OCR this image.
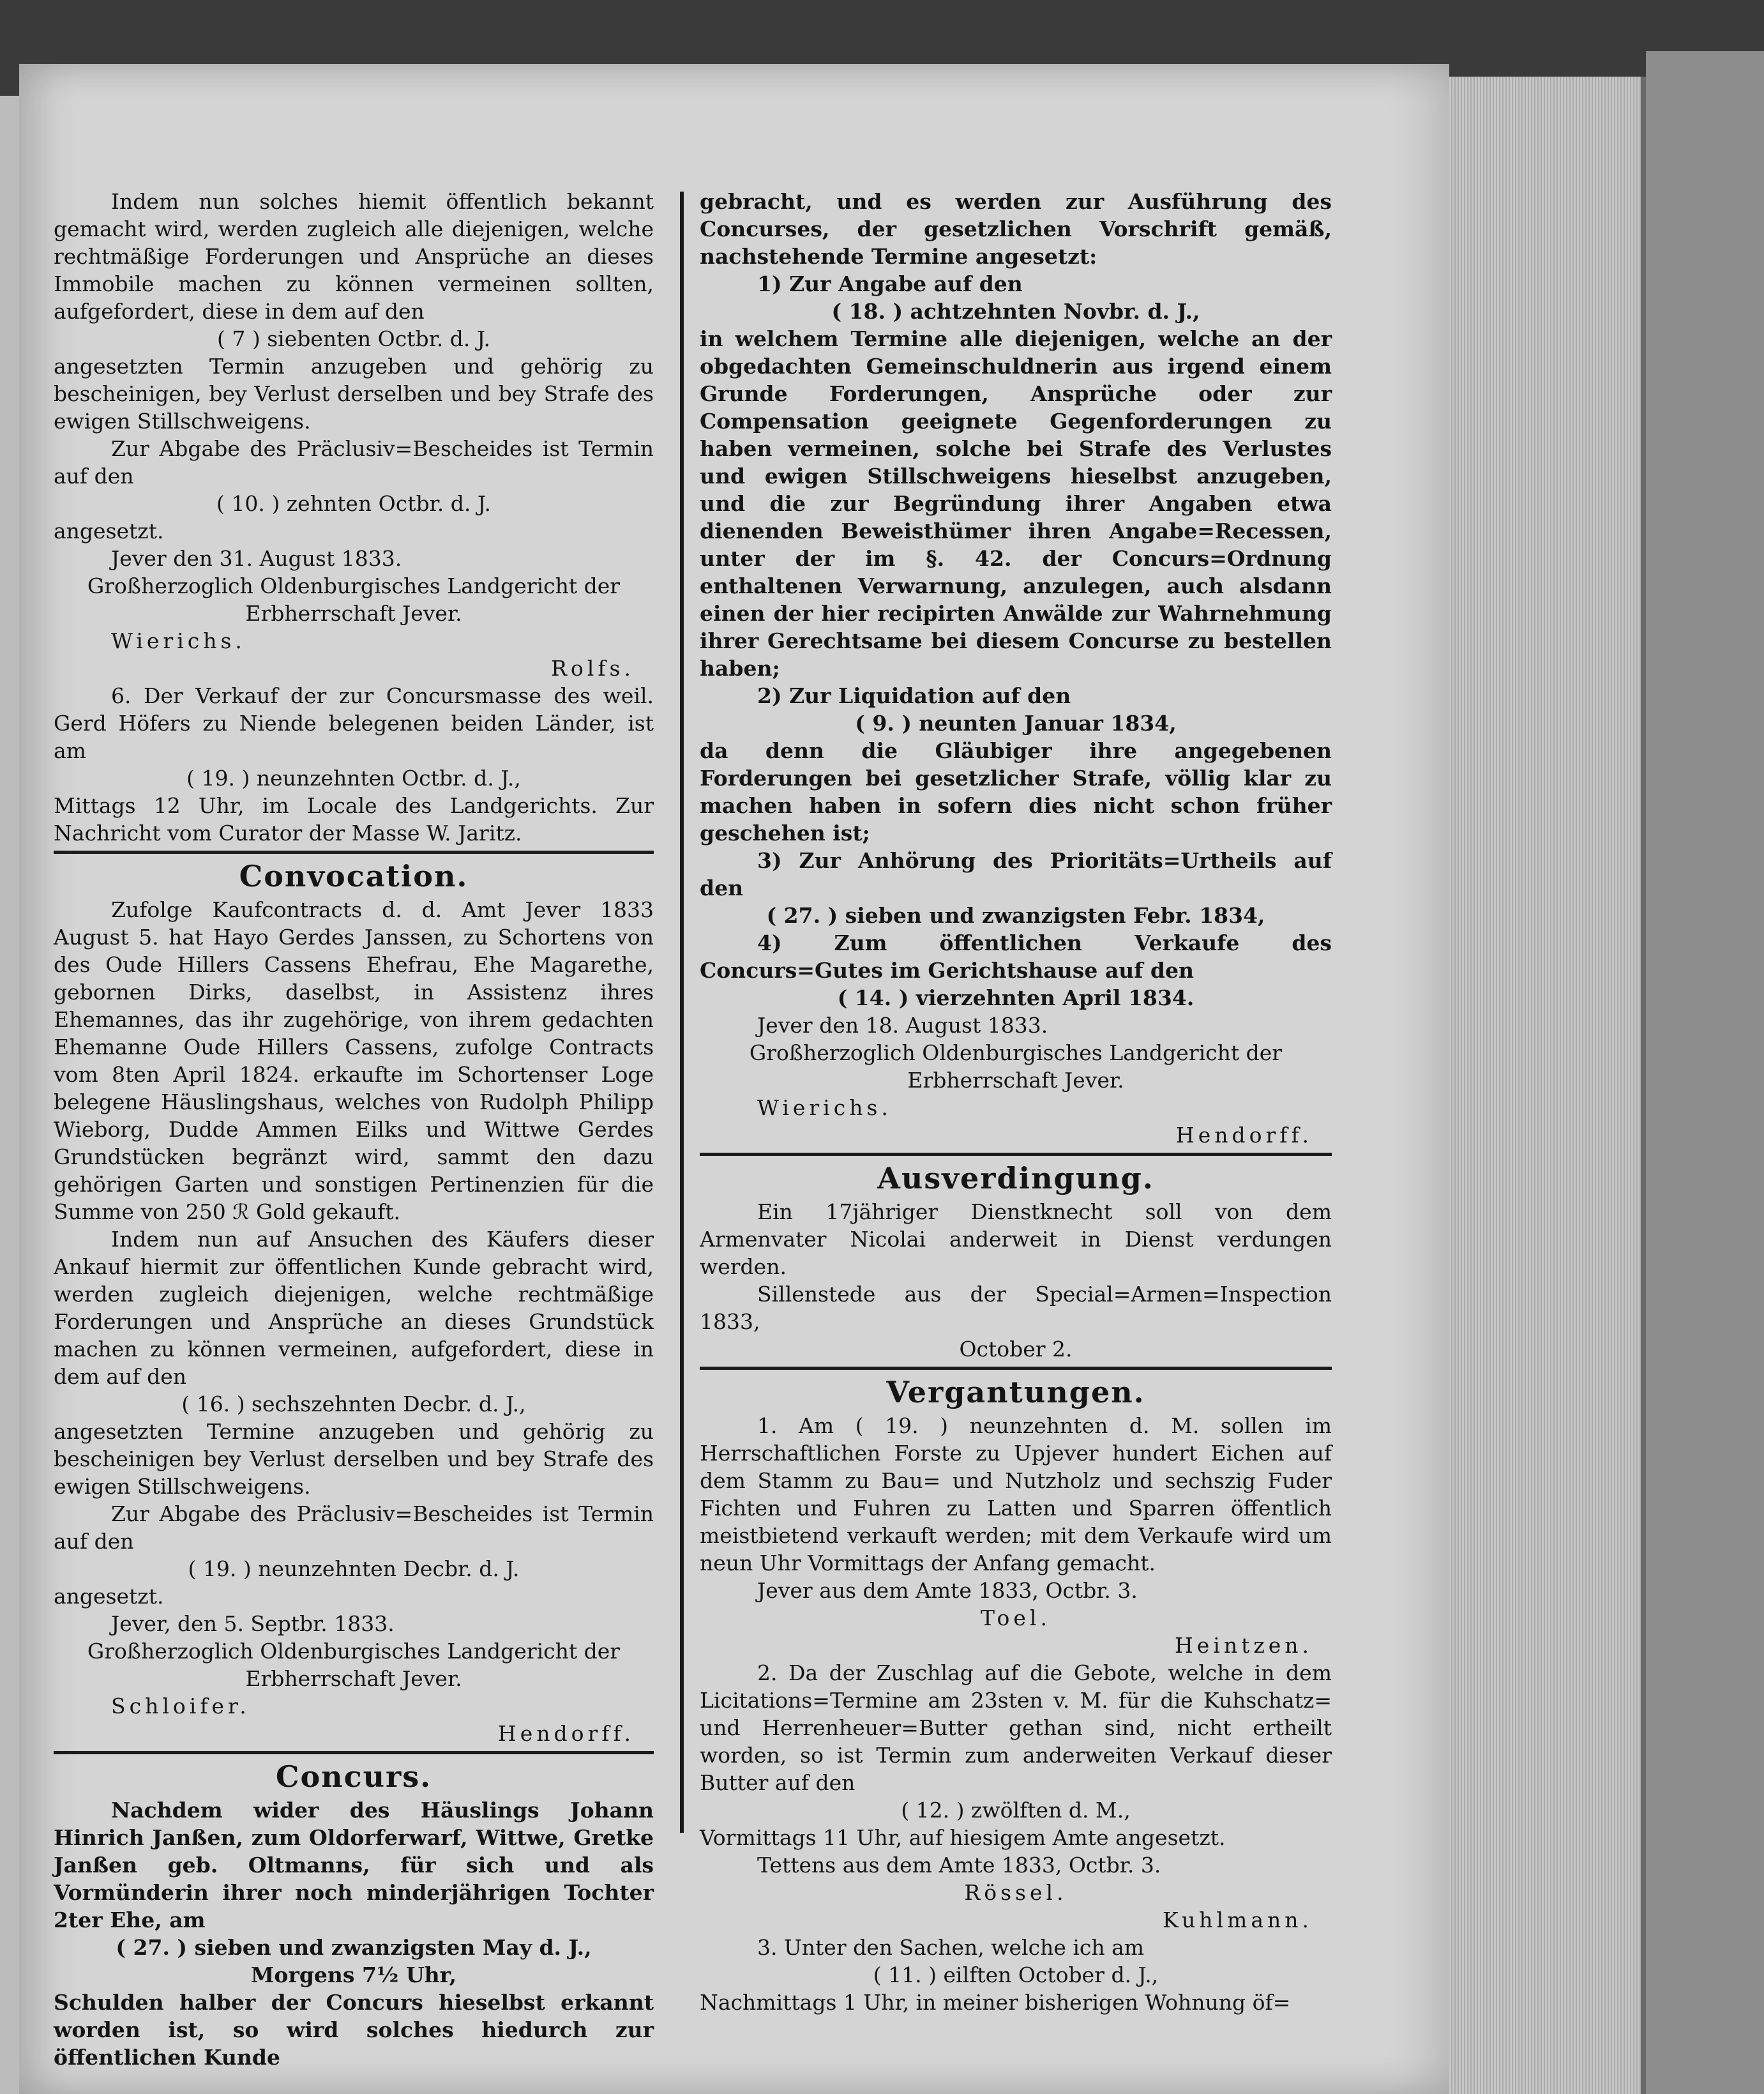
Indem nun solches hiemit öffentlich bekannt gemacht wird, werden zugleich alle diejenigen, welche rechtmäßige Forderungen und Ansprüche an dieses Immobile machen zu können vermeinen sollten, aufgefordert, diese in dem auf den

( 7 ) siebenten Octbr. d. J.

angesetzten Termin anzugeben und gehörig zu bescheinigen, bey Verlust derselben und bey Strafe des ewigen Stillschweigens.

Zur Abgabe des Präclusiv=Bescheides ist Termin auf den

( 10. ) zehnten Octbr. d. J.

angesetzt.

Jever den 31. August 1833.

Großherzoglich Oldenburgisches Landgericht der Erbherrschaft Jever.

Wierichs.

Rolfs.

6. Der Verkauf der zur Concursmasse des weil. Gerd Höfers zu Niende belegenen beiden Länder, ist am

( 19. ) neunzehnten Octbr. d. J.,

Mittags 12 Uhr, im Locale des Landgerichts. Zur Nachricht vom Curator der Masse W. Jaritz.

Convocation.

Zufolge Kaufcontracts d. d. Amt Jever 1833 August 5. hat Hayo Gerdes Janssen, zu Schortens von des Oude Hillers Cassens Ehefrau, Ehe Magarethe, gebornen Dirks, daselbst, in Assistenz ihres Ehemannes, das ihr zugehörige, von ihrem gedachten Ehemanne Oude Hillers Cassens, zufolge Contracts vom 8ten April 1824. erkaufte im Schortenser Loge belegene Häuslingshaus, welches von Rudolph Philipp Wieborg, Dudde Ammen Eilks und Wittwe Gerdes Grundstücken begränzt wird, sammt den dazu gehörigen Garten und sonstigen Pertinenzien für die Summe von 250 ℛ Gold gekauft.

Indem nun auf Ansuchen des Käufers dieser Ankauf hiermit zur öffentlichen Kunde gebracht wird, werden zugleich diejenigen, welche rechtmäßige Forderungen und Ansprüche an dieses Grundstück machen zu können vermeinen, aufgefordert, diese in dem auf den

( 16. ) sechszehnten Decbr. d. J.,

angesetzten Termine anzugeben und gehörig zu bescheinigen bey Verlust derselben und bey Strafe des ewigen Stillschweigens.

Zur Abgabe des Präclusiv=Bescheides ist Termin auf den

( 19. ) neunzehnten Decbr. d. J.

angesetzt.

Jever, den 5. Septbr. 1833.

Großherzoglich Oldenburgisches Landgericht der Erbherrschaft Jever.

Schloifer.

Hendorff.

Concurs.

Nachdem wider des Häuslings Johann Hinrich Janßen, zum Oldorferwarf, Wittwe, Gretke Janßen geb. Oltmanns, für sich und als Vormünderin ihrer noch minderjährigen Tochter 2ter Ehe, am

( 27. ) sieben und zwanzigsten May d. J.,

Morgens 7½ Uhr,

Schulden halber der Concurs hieselbst erkannt worden ist, so wird solches hiedurch zur öffentlichen Kunde

gebracht, und es werden zur Ausführung des Concurses, der gesetzlichen Vorschrift gemäß, nachstehende Termine angesetzt:

1) Zur Angabe auf den

( 18. ) achtzehnten Novbr. d. J.,

in welchem Termine alle diejenigen, welche an der obgedachten Gemeinschuldnerin aus irgend einem Grunde Forderungen, Ansprüche oder zur Compensation geeignete Gegenforderungen zu haben vermeinen, solche bei Strafe des Verlustes und ewigen Stillschweigens hieselbst anzugeben, und die zur Begründung ihrer Angaben etwa dienenden Beweisthümer ihren Angabe=Recessen, unter der im §. 42. der Concurs=Ordnung enthaltenen Verwarnung, anzulegen, auch alsdann einen der hier recipirten Anwälde zur Wahrnehmung ihrer Gerechtsame bei diesem Concurse zu bestellen haben;

2) Zur Liquidation auf den

( 9. ) neunten Januar 1834,

da denn die Gläubiger ihre angegebenen Forderungen bei gesetzlicher Strafe, völlig klar zu machen haben in sofern dies nicht schon früher geschehen ist;

3) Zur Anhörung des Prioritäts=Urtheils auf den

( 27. ) sieben und zwanzigsten Febr. 1834,

4) Zum öffentlichen Verkaufe des Concurs=Gutes im Gerichtshause auf den

( 14. ) vierzehnten April 1834.

Jever den 18. August 1833.

Großherzoglich Oldenburgisches Landgericht der Erbherrschaft Jever.

Wierichs.

Hendorff.

Ausverdingung.

Ein 17jähriger Dienstknecht soll von dem Armenvater Nicolai anderweit in Dienst verdungen werden.

Sillenstede aus der Special=Armen=Inspection 1833,

October 2.

Vergantungen.

1. Am ( 19. ) neunzehnten d. M. sollen im Herrschaftlichen Forste zu Upjever hundert Eichen auf dem Stamm zu Bau= und Nutzholz und sechszig Fuder Fichten und Fuhren zu Latten und Sparren öffentlich meistbietend verkauft werden; mit dem Verkaufe wird um neun Uhr Vormittags der Anfang gemacht.

Jever aus dem Amte 1833, Octbr. 3.

Toel.

Heintzen.

2. Da der Zuschlag auf die Gebote, welche in dem Licitations=Termine am 23sten v. M. für die Kuhschatz= und Herrenheuer=Butter gethan sind, nicht ertheilt worden, so ist Termin zum anderweiten Verkauf dieser Butter auf den

( 12. ) zwölften d. M.,

Vormittags 11 Uhr, auf hiesigem Amte angesetzt.

Tettens aus dem Amte 1833, Octbr. 3.

Rössel.

Kuhlmann.

3. Unter den Sachen, welche ich am

( 11. ) eilften October d. J.,

Nachmittags 1 Uhr, in meiner bisherigen Wohnung öf=
